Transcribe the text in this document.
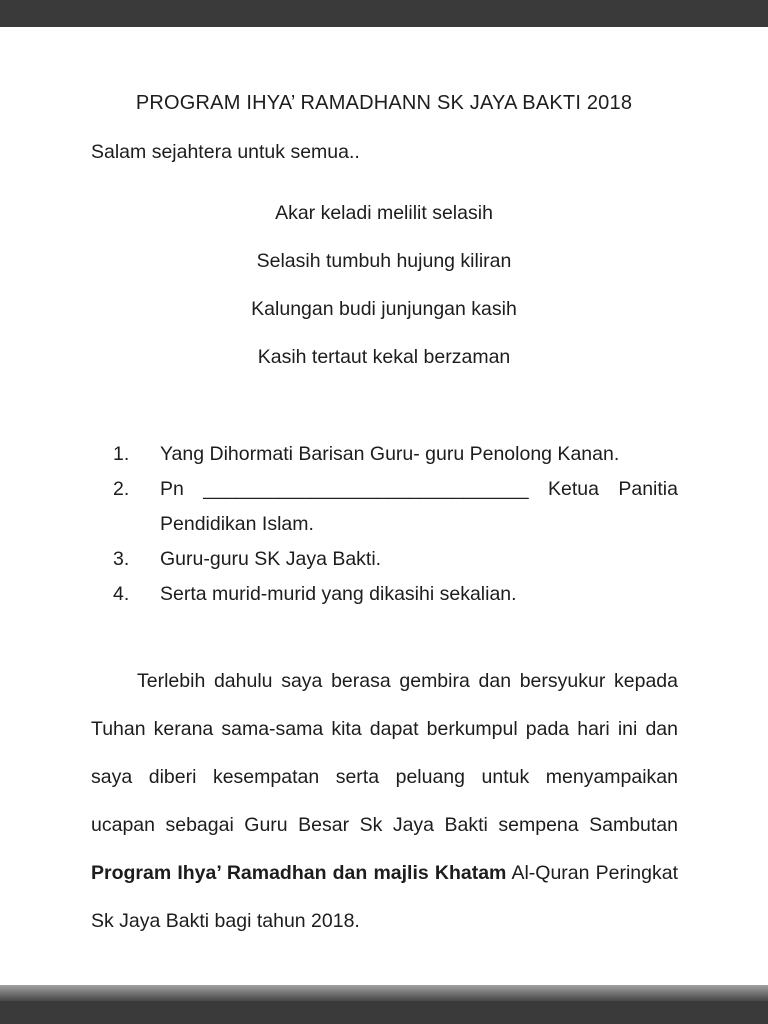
PROGRAM IHYA’ RAMADHANN SK JAYA BAKTI 2018
Salam sejahtera untuk semua..
Akar keladi melilit selasih
Selasih tumbuh hujung kiliran
Kalungan budi junjungan kasih
Kasih tertaut kekal berzaman
1.	Yang Dihormati Barisan Guru- guru Penolong Kanan.
2.	Pn ______________________________ Ketua Panitia
Pendidikan Islam.
3.	Guru-guru SK Jaya Bakti.
4.	Serta murid-murid yang dikasihi sekalian.
Terlebih dahulu saya berasa gembira dan bersyukur kepada
Tuhan kerana sama-sama kita dapat berkumpul pada hari ini dan
saya diberi kesempatan serta peluang untuk menyampaikan
ucapan sebagai Guru Besar Sk Jaya Bakti sempena Sambutan
Program Ihya’ Ramadhan dan majlis Khatam Al-Quran Peringkat
Sk Jaya Bakti bagi tahun 2018.
